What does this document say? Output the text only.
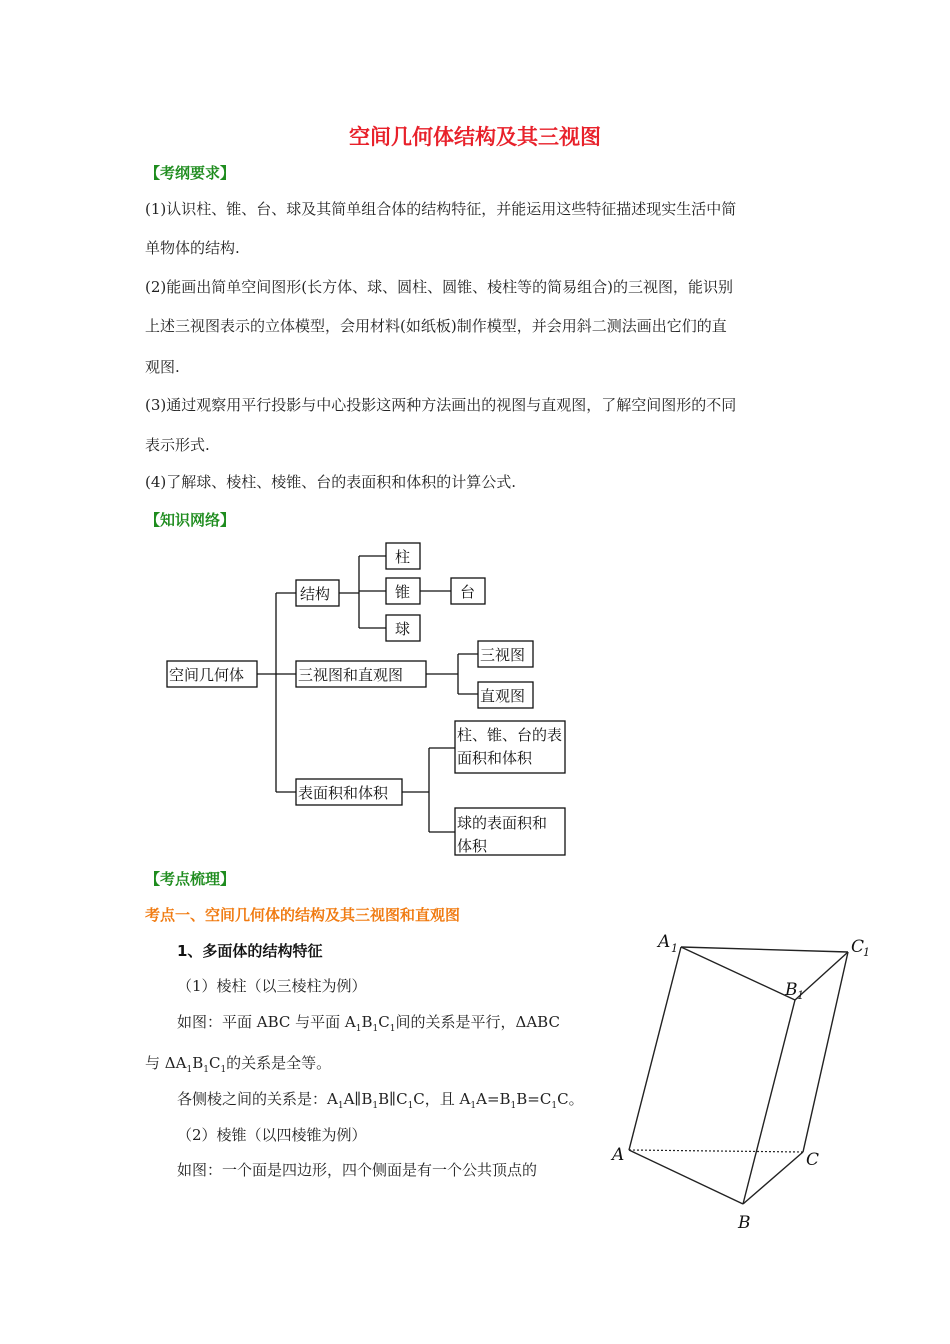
空间几何体结构及其三视图
【考纲要求】
(1)认识柱、锥、台、球及其简单组合体的结构特征，并能运用这些特征描述现实生活中简
单物体的结构.
(2)能画出简单空间图形(长方体、球、圆柱、圆锥、棱柱等的简易组合)的三视图，能识别
上述三视图表示的立体模型，会用材料(如纸板)制作模型，并会用斜二测法画出它们的直
观图.
(3)通过观察用平行投影与中心投影这两种方法画出的视图与直观图，了解空间图形的不同
表示形式.
(4)了解球、棱柱、棱锥、台的表面积和体积的计算公式.
【知识网络】
空间几何体
结构
柱
锥	台
球
三视图和直观图
三视图
直观图
表面积和体积
柱、锥、台的表
面积和体积
球的表面积和
体积
【考点梳理】
考点一、空间几何体的结构及其三视图和直观图
1、多面体的结构特征
（1）棱柱（以三棱柱为例）
如图：平面 ABC 与平面 $A_1B_1C_1$间的关系是平行，ΔABC
与 $\Delta A_1B_1C_1$的关系是全等。
各侧棱之间的关系是：$A_1A\parallel B_1B\parallel C_1C$，且 $A_1A=B_1B=C_1C$。
（2）棱锥（以四棱锥为例）
如图：一个面是四边形，四个侧面是有一个公共顶点的
A 1	C
1
B 1
A	C
B
